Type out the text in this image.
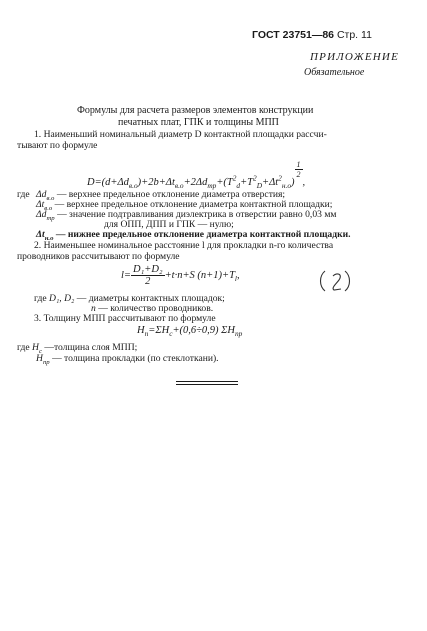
ГОСТ 23751—86 Стр. 11
ПРИЛОЖЕНИЕ
Обязательное
Формулы для расчета размеров элементов конструкции
печатных плат, ГПК и толщины МПП
1. Наименьший номинальный диаметр D контактной площадки рассчи-
тывают по формуле
$D=(d+\Delta d_{в.о})+2b+\Delta t_{в.о}+2\Delta d_{тр}+(T^2_d+T^2_D+\Delta t^2_{н.о})$
$\frac{1}{2}$
,
где $\Delta d_{в.о}$ — верхнее предельное отклонение диаметра отверстия;
$\Delta t_{в.о}$ — верхнее предельное отклонение диаметра контактной площадки;
$\Delta d_{тр}$ — значение подтравливания диэлектрика в отверстии равно 0,03 мм
для ОПП, ДПП и ГПК — нулю;
$\Delta t_{н.о}$ — нижнее предельное отклонение диаметра контактной площадки.
2. Наименьшее номинальное расстояние l для прокладки n-го количества
проводников рассчитывают по формуле
$l= \frac{\text{D₁+D₂}}{2} +t\cdot n+S$ $(n+1)+T_l$,
где D₁, D₂ — диаметры контактных площадок;
n — количество проводников.
3. Толщину МПП рассчитывают по формуле
$H_п=\Sigma H_с+(0,6\div 0,9)$ $\Sigma H_{пр}$
где $H_с$ —толщина слоя МПП;
$H_{пр}$ — толщина прокладки (по стеклоткани).
